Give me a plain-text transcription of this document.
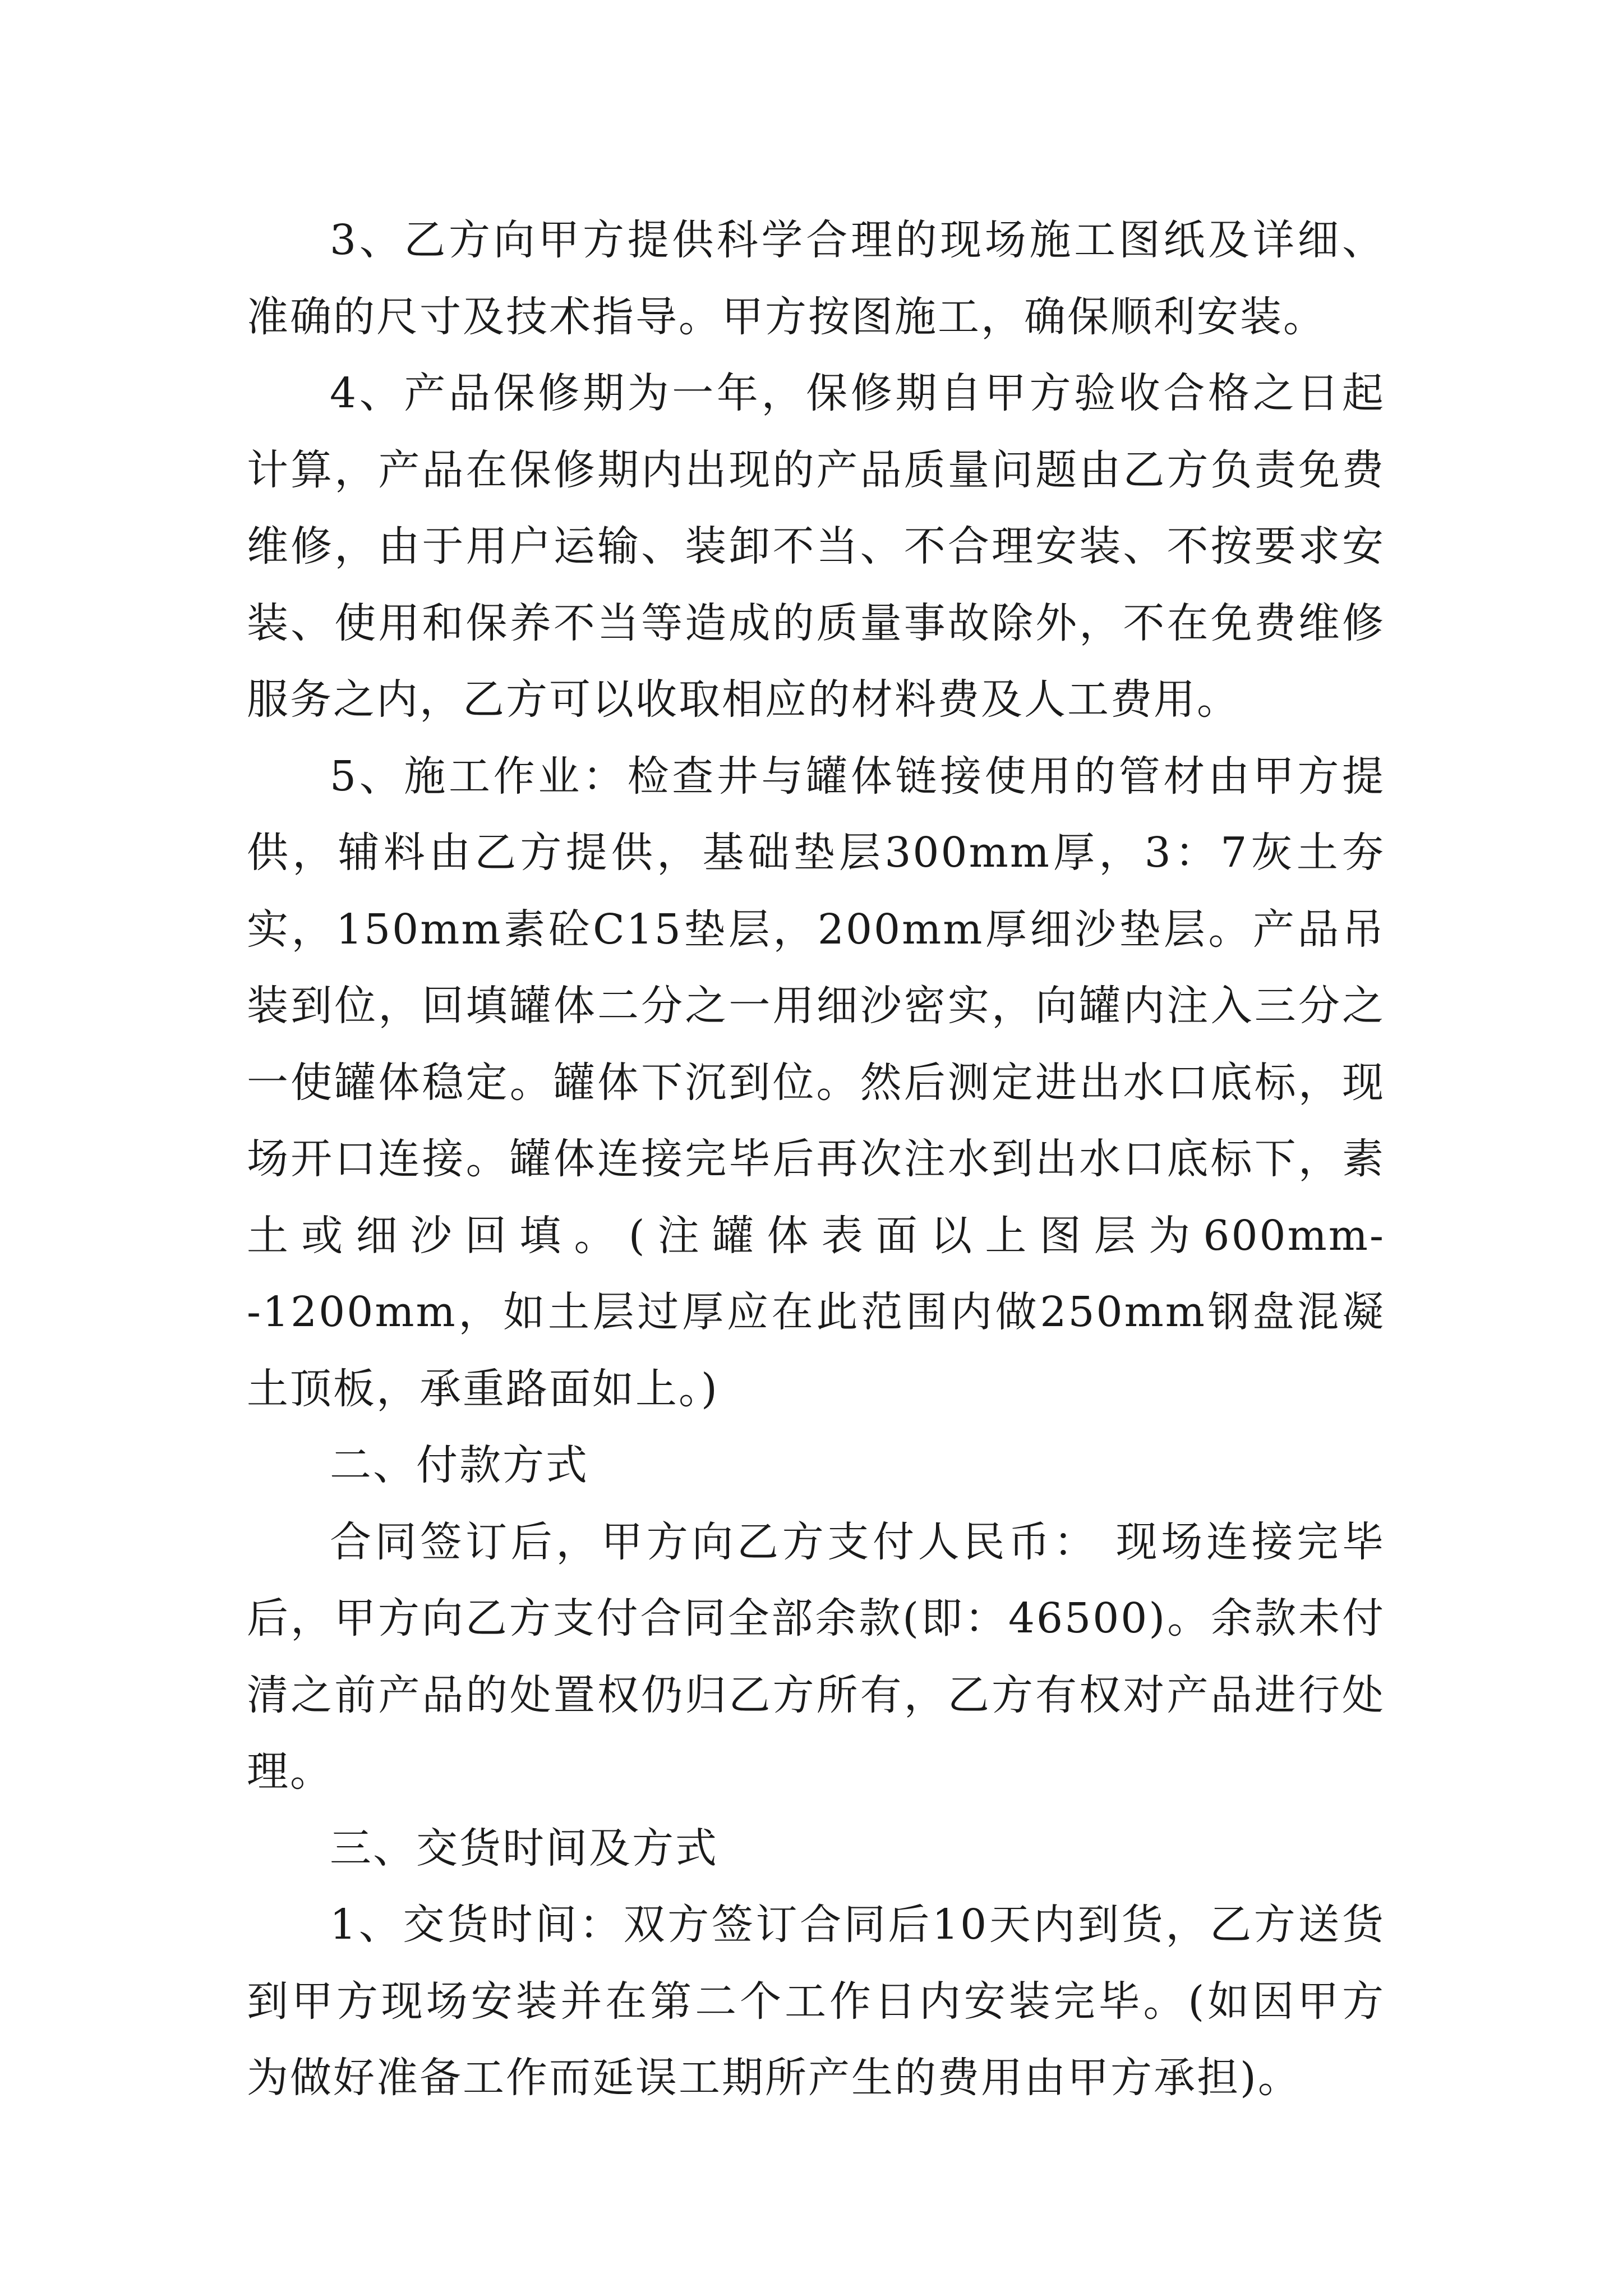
3、乙方向甲方提供科学合理的现场施工图纸及详细、准确的尺寸及技术指导。甲方按图施工，确保顺利安装。

4、产品保修期为一年，保修期自甲方验收合格之日起计算，产品在保修期内出现的产品质量问题由乙方负责免费维修，由于用户运输、装卸不当、不合理安装、不按要求安装、使用和保养不当等造成的质量事故除外，不在免费维修服务之内，乙方可以收取相应的材料费及人工费用。

5、施工作业：检查井与罐体链接使用的管材由甲方提供，辅料由乙方提供，基础垫层300mm厚，3：7灰土夯实，150mm素砼C15垫层，200mm厚细沙垫层。产品吊装到位，回填罐体二分之一用细沙密实，向罐内注入三分之一使罐体稳定。罐体下沉到位。然后测定进出水口底标，现场开口连接。罐体连接完毕后再次注水到出水口底标下，素土或细沙回填。(注罐体表面以上图层为600mm--1200mm，如土层过厚应在此范围内做250mm钢盘混凝土顶板，承重路面如上。)

二、付款方式

合同签订后，甲方向乙方支付人民币： 现场连接完毕后，甲方向乙方支付合同全部余款(即：46500)。余款未付清之前产品的处置权仍归乙方所有，乙方有权对产品进行处理。

三、交货时间及方式

1、交货时间：双方签订合同后10天内到货，乙方送货到甲方现场安装并在第二个工作日内安装完毕。(如因甲方为做好准备工作而延误工期所产生的费用由甲方承担)。
